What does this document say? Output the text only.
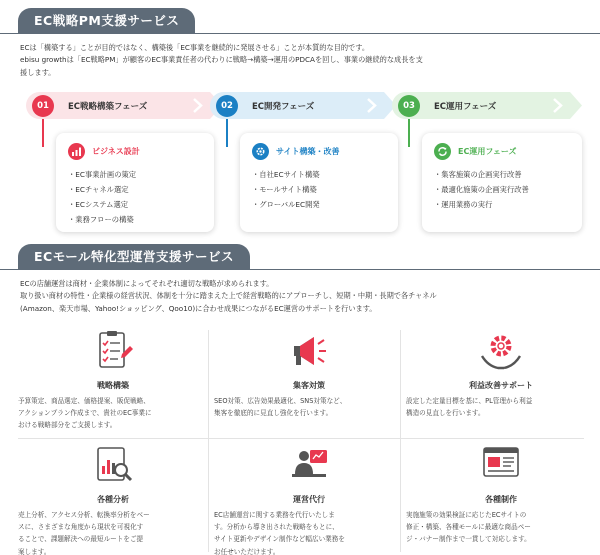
EC戦略PM支援サービス
ECは「構築する」ことが目的ではなく、構築後「EC事業を継続的に発展させる」ことが本質的な目的です。
ebisu growthは「EC戦略PM」が顧客のEC事業責任者の代わりに戦略→構築→運用のPDCAを回し、事業の継続的な成長を支
援します。
01	EC戦略構築フェーズ	02	EC開発フェーズ	03	EC運用フェーズ
ビジネス設計
・ EC事業計画の策定
・ ECチャネル選定
・ ECシステム選定
・ 業務フローの構築
サイト構築・改善
・ 自社ECサイト構築
・ モールサイト構築
・ グローバルEC開発
EC運用フェーズ
・ 集客施策の企画実行改善
・ 最適化施策の企画実行改善
・ 運用業務の実行
ECモール特化型運営支援サービス
ECの店舗運営は商材・企業体制によってそれぞれ適切な戦略が求められます。
取り扱い商材の特性・企業様の経営状況、体制を十分に踏まえた上で経営戦略的にアプローチし、短期・中期・長期で各チャネル
(Amazon、楽天市場、Yahoo!ショッピング、Qoo10)に合わせ成果につながるEC運営のサポートを行います。
戦略構築
予算策定、商品選定、価格提案、販促戦略、
アクションプラン作成まで、貴社のEC事業に
おける戦略部分をご支援します。
集客対策
SEO対策、広告効果最適化、SNS対策など、
集客を徹底的に見直し強化を行います。
利益改善サポート
設定した定量目標を基に、PL管理から利益
構造の見直しを行います。
各種分析
売上分析、アクセス分析、転換率分析をベー
スに、さまざまな角度から現状を可視化す
ることで、課題解決への最短ルートをご提
案します。
運営代行
EC店舗運営に関する業務を代行いたしま
す。分析から導き出された戦略をもとに、
サイト更新やデザイン制作など幅広い業務を
お任せいただけます。
各種制作
実施施策の効果検証に応じたECサイトの
修正・構築、各種モールに最適な商品ペー
ジ・バナー制作まで一貫して対応します。
